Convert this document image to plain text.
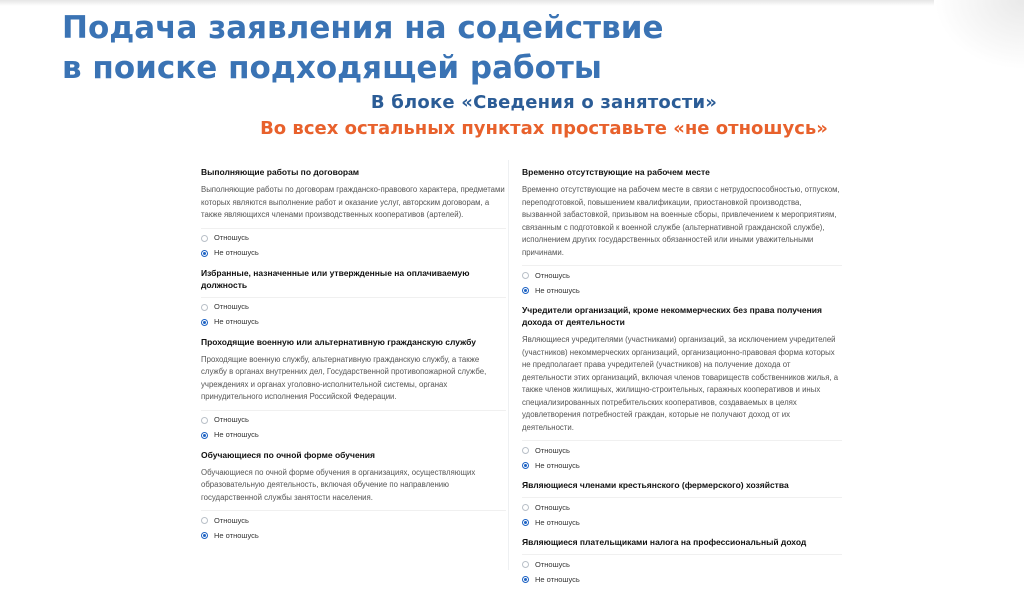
Подача заявления на содействие
в поиске подходящей работы
В блоке «Сведения о занятости»
Во всех остальных пунктах проставьте «не отношусь»
Выполняющие работы по договорам
Выполняющие работы по договорам гражданско-правового характера, предметами которых являются выполнение работ и оказание услуг, авторским договорам, а также являющихся членами производственных кооперативов (артелей).
Отношусь
Не отношусь
Избранные, назначенные или утвержденные на оплачиваемую должность
Отношусь
Не отношусь
Проходящие военную или альтернативную гражданскую службу
Проходящие военную службу, альтернативную гражданскую службу, а также службу в органах внутренних дел, Государственной противопожарной службе, учреждениях и органах уголовно-исполнительной системы, органах принудительного исполнения Российской Федерации.
Отношусь
Не отношусь
Обучающиеся по очной форме обучения
Обучающиеся по очной форме обучения в организациях, осуществляющих образовательную деятельность, включая обучение по направлению государственной службы занятости населения.
Отношусь
Не отношусь
Временно отсутствующие на рабочем месте
Временно отсутствующие на рабочем месте в связи с нетрудоспособностью, отпуском, переподготовкой, повышением квалификации, приостановкой производства, вызванной забастовкой, призывом на военные сборы, привлечением к мероприятиям, связанным с подготовкой к военной службе (альтернативной гражданской службе), исполнением других государственных обязанностей или иными уважительными причинами.
Отношусь
Не отношусь
Учредители организаций, кроме некоммерческих без права получения дохода от деятельности
Являющиеся учредителями (участниками) организаций, за исключением учредителей (участников) некоммерческих организаций, организационно-правовая форма которых не предполагает права учредителей (участников) на получение дохода от деятельности этих организаций, включая членов товариществ собственников жилья, а также членов жилищных, жилищно-строительных, гаражных кооперативов и иных специализированных потребительских кооперативов, создаваемых в целях удовлетворения потребностей граждан, которые не получают доход от их деятельности.
Отношусь
Не отношусь
Являющиеся членами крестьянского (фермерского) хозяйства
Отношусь
Не отношусь
Являющиеся плательщиками налога на профессиональный доход
Отношусь
Не отношусь
